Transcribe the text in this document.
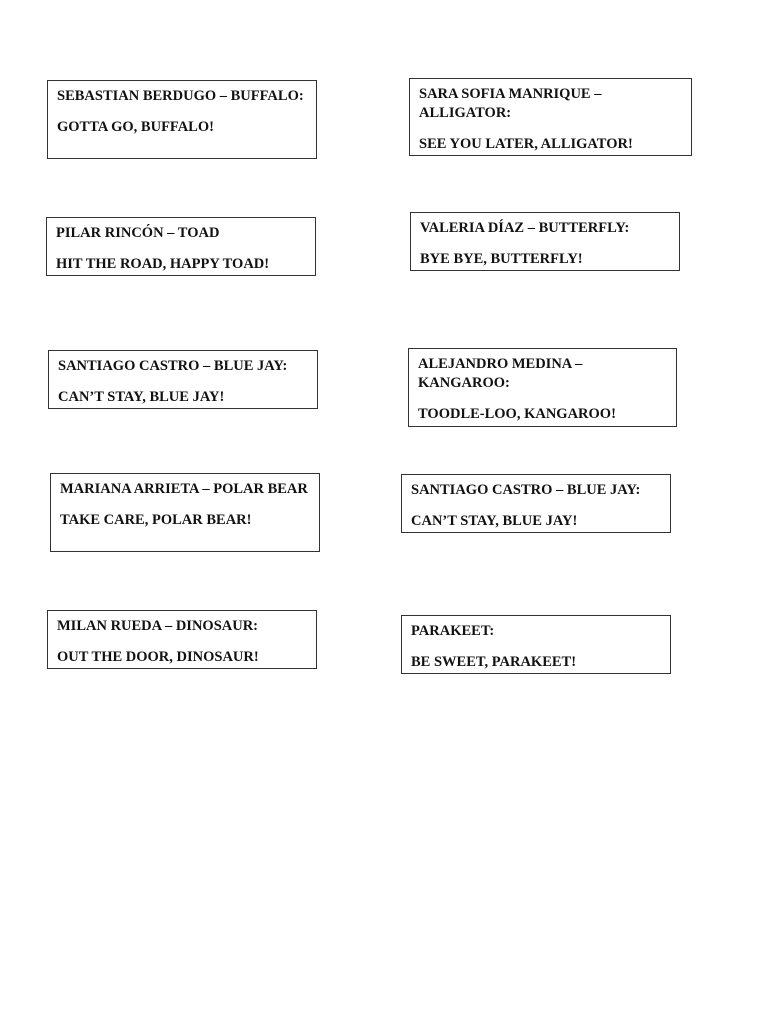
SEBASTIAN BERDUGO – BUFFALO:
GOTTA GO, BUFFALO!
SARA SOFIA MANRIQUE – ALLIGATOR:
SEE YOU LATER, ALLIGATOR!
PILAR RINCÓN – TOAD
HIT THE ROAD, HAPPY TOAD!
VALERIA DÍAZ – BUTTERFLY:
BYE BYE, BUTTERFLY!
SANTIAGO CASTRO – BLUE JAY:
CAN’T STAY, BLUE JAY!
ALEJANDRO MEDINA – KANGAROO:
TOODLE-LOO, KANGAROO!
MARIANA ARRIETA – POLAR BEAR
TAKE CARE, POLAR BEAR!
SANTIAGO CASTRO – BLUE JAY:
CAN’T STAY, BLUE JAY!
MILAN RUEDA – DINOSAUR:
OUT THE DOOR, DINOSAUR!
PARAKEET:
BE SWEET, PARAKEET!
